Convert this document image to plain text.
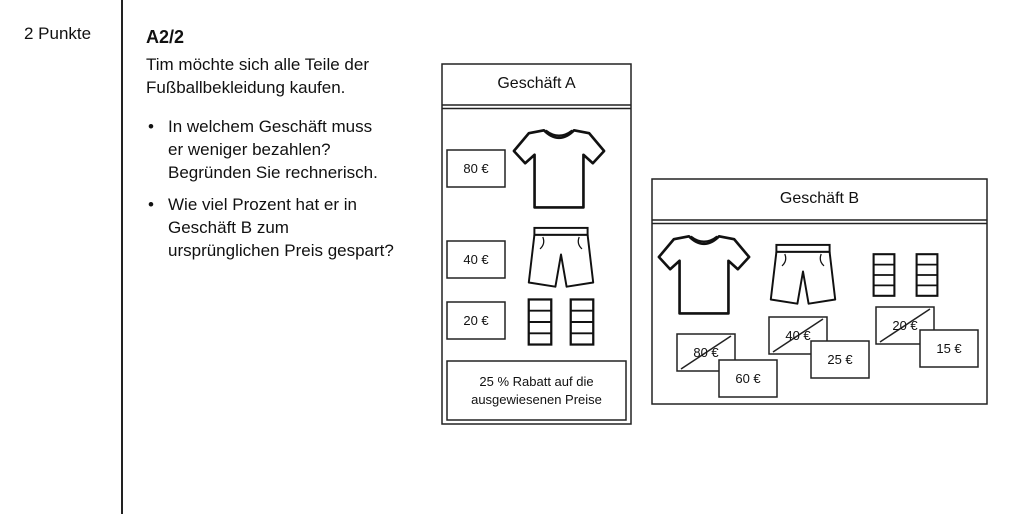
2 Punkte	A2/2
Tim möchte sich alle Teile der
Fußballbekleidung kaufen.
• In welchem Geschäft muss
er weniger bezahlen?
Begründen Sie rechnerisch.
• Wie viel Prozent hat er in
Geschäft B zum
ursprünglichen Preis gespart?
Geschäft A
80 €
40 €
20 €
25 % Rabatt auf die
ausgewiesenen Preise
Geschäft B
80 €
60 €
40 €
25 €
20 €
15 €
